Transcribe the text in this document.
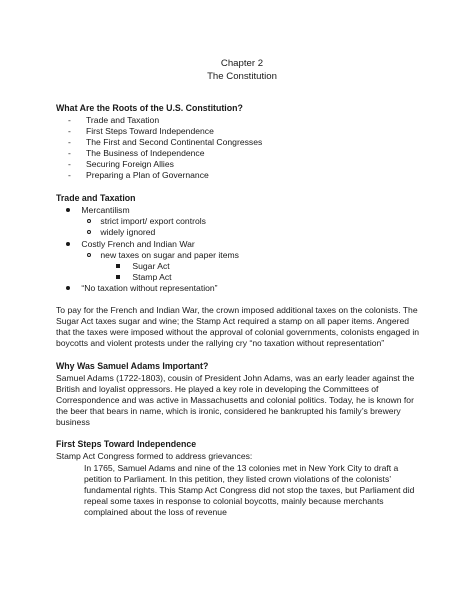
Chapter 2
The Constitution
What Are the Roots of the U.S. Constitution?
-	Trade and Taxation
-	First Steps Toward Independence
-	The First and Second Continental Congresses
-	The Business of Independence
-	Securing Foreign Allies
-	Preparing a Plan of Governance
Trade and Taxation
Mercantilism
strict import/ export controls
widely ignored
Costly French and Indian War
new taxes on sugar and paper items
Sugar Act
Stamp Act
“No taxation without representation”
To pay for the French and Indian War, the crown imposed additional taxes on the colonists. The
Sugar Act taxes sugar and wine; the Stamp Act required a stamp on all paper items. Angered
that the taxes were imposed without the approval of colonial governments, colonists engaged in
boycotts and violent protests under the rallying cry “no taxation without representation”
Why Was Samuel Adams Important?
Samuel Adams (1722-1803), cousin of President John Adams, was an early leader against the
British and loyalist oppressors. He played a key role in developing the Committees of
Correspondence and was active in Massachusetts and colonial politics. Today, he is known for
the beer that bears in name, which is ironic, considered he bankrupted his family’s brewery
business
First Steps Toward Independence
Stamp Act Congress formed to address grievances:
In 1765, Samuel Adams and nine of the 13 colonies met in New York City to draft a
petition to Parliament. In this petition, they listed crown violations of the colonists’
fundamental rights. This Stamp Act Congress did not stop the taxes, but Parliament did
repeal some taxes in response to colonial boycotts, mainly because merchants
complained about the loss of revenue
